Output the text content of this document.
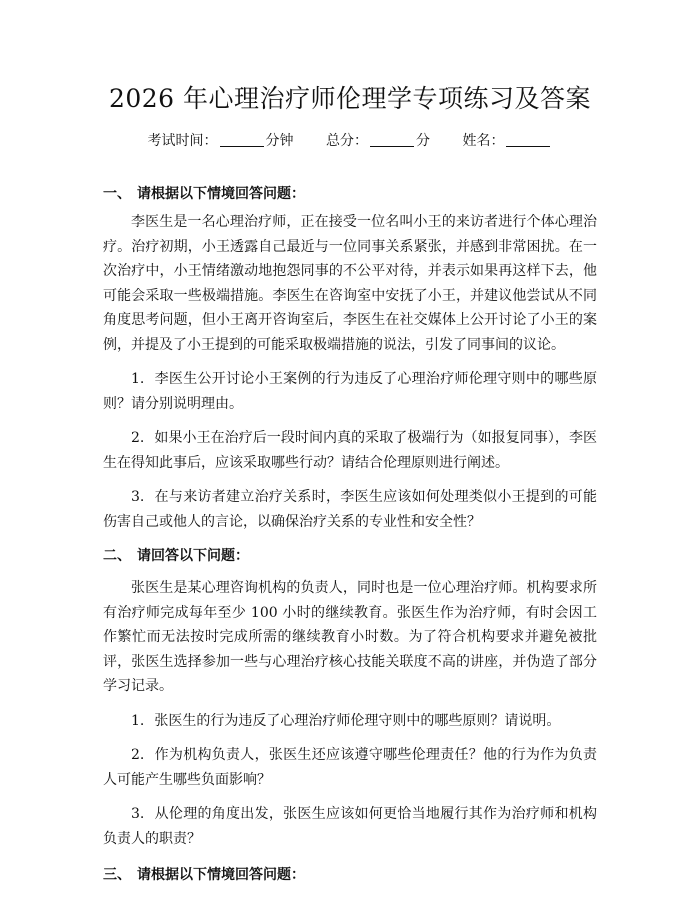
2026 年心理治疗师伦理学专项练习及答案
考试时间：	分钟 总分：	分 姓名：
一、 请根据以下情境回答问题：

李医生是一名心理治疗师，正在接受一位名叫小王的来访者进行个体心理治疗。治疗初期，小王透露自己最近与一位同事关系紧张，并感到非常困扰。在一次治疗中，小王情绪激动地抱怨同事的不公平对待，并表示如果再这样下去，他可能会采取一些极端措施。李医生在咨询室中安抚了小王，并建议他尝试从不同角度思考问题，但小王离开咨询室后，李医生在社交媒体上公开讨论了小王的案例，并提及了小王提到的可能采取极端措施的说法，引发了同事间的议论。

1. 李医生公开讨论小王案例的行为违反了心理治疗师伦理守则中的哪些原则？请分别说明理由。

2. 如果小王在治疗后一段时间内真的采取了极端行为（如报复同事），李医生在得知此事后，应该采取哪些行动？请结合伦理原则进行阐述。

3. 在与来访者建立治疗关系时，李医生应该如何处理类似小王提到的可能伤害自己或他人的言论，以确保治疗关系的专业性和安全性？

二、 请回答以下问题：

张医生是某心理咨询机构的负责人，同时也是一位心理治疗师。机构要求所有治疗师完成每年至少 100 小时的继续教育。张医生作为治疗师，有时会因工作繁忙而无法按时完成所需的继续教育小时数。为了符合机构要求并避免被批评，张医生选择参加一些与心理治疗核心技能关联度不高的讲座，并伪造了部分学习记录。

1. 张医生的行为违反了心理治疗师伦理守则中的哪些原则？请说明。

2. 作为机构负责人，张医生还应该遵守哪些伦理责任？他的行为作为负责人可能产生哪些负面影响？

3. 从伦理的角度出发，张医生应该如何更恰当地履行其作为治疗师和机构负责人的职责？

三、 请根据以下情境回答问题：
